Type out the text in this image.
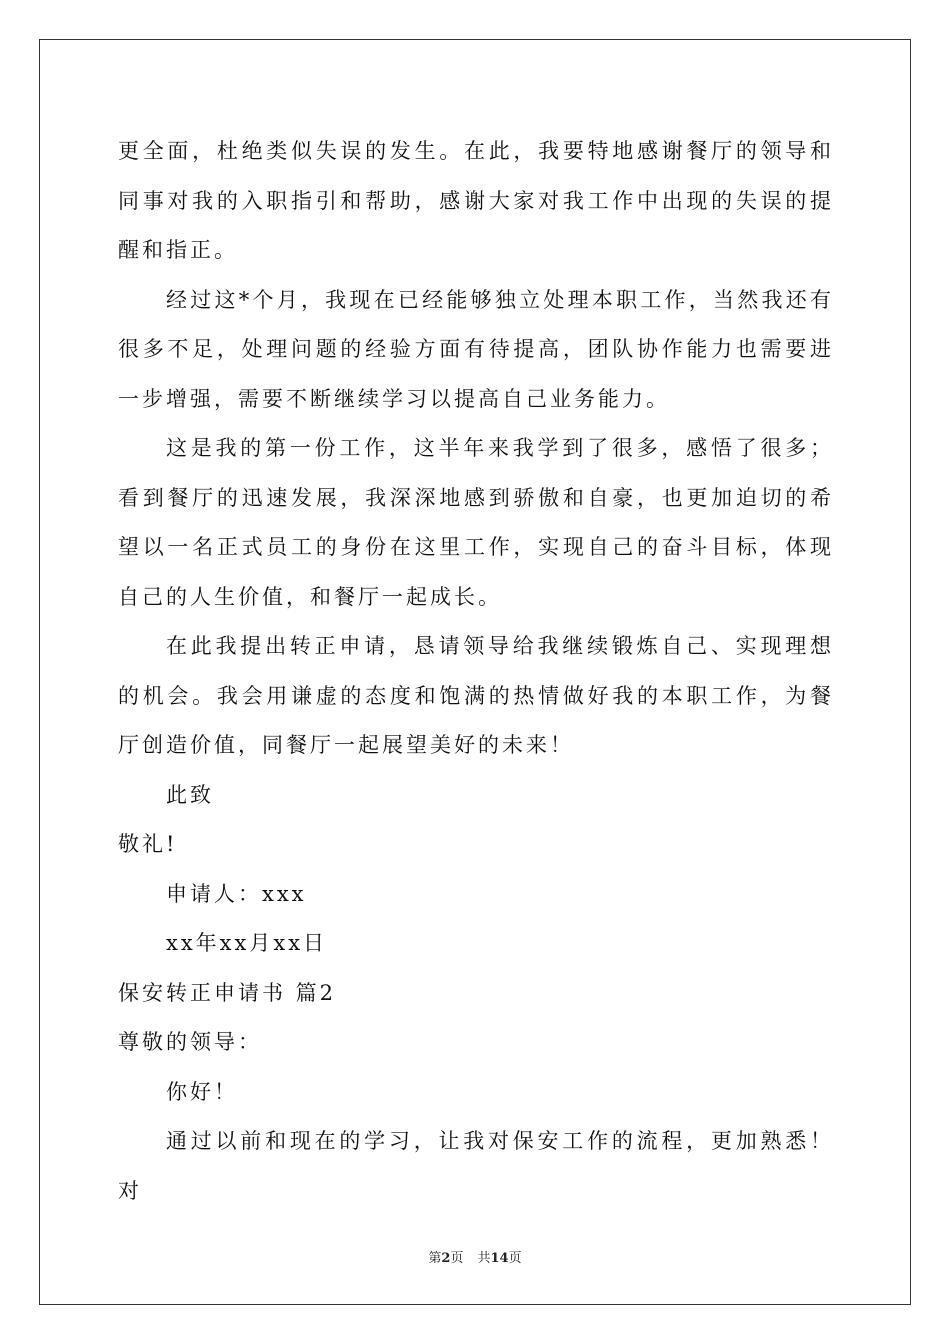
更全面，杜绝类似失误的发生。在此，我要特地感谢餐厅的领导和同事对我的入职指引和帮助，感谢大家对我工作中出现的失误的提醒和指正。

经过这*个月，我现在已经能够独立处理本职工作，当然我还有很多不足，处理问题的经验方面有待提高，团队协作能力也需要进一步增强，需要不断继续学习以提高自己业务能力。

这是我的第一份工作，这半年来我学到了很多，感悟了很多；看到餐厅的迅速发展，我深深地感到骄傲和自豪，也更加迫切的希望以一名正式员工的身份在这里工作，实现自己的奋斗目标，体现自己的人生价值，和餐厅一起成长。

在此我提出转正申请，恳请领导给我继续锻炼自己、实现理想的机会。我会用谦虚的态度和饱满的热情做好我的本职工作，为餐厅创造价值，同餐厅一起展望美好的未来！

此致

敬礼!

申请人：xxx

xx年xx月xx日

保安转正申请书 篇2

尊敬的领导：

你好！

通过以前和现在的学习，让我对保安工作的流程，更加熟悉！对

第2页 共14页
